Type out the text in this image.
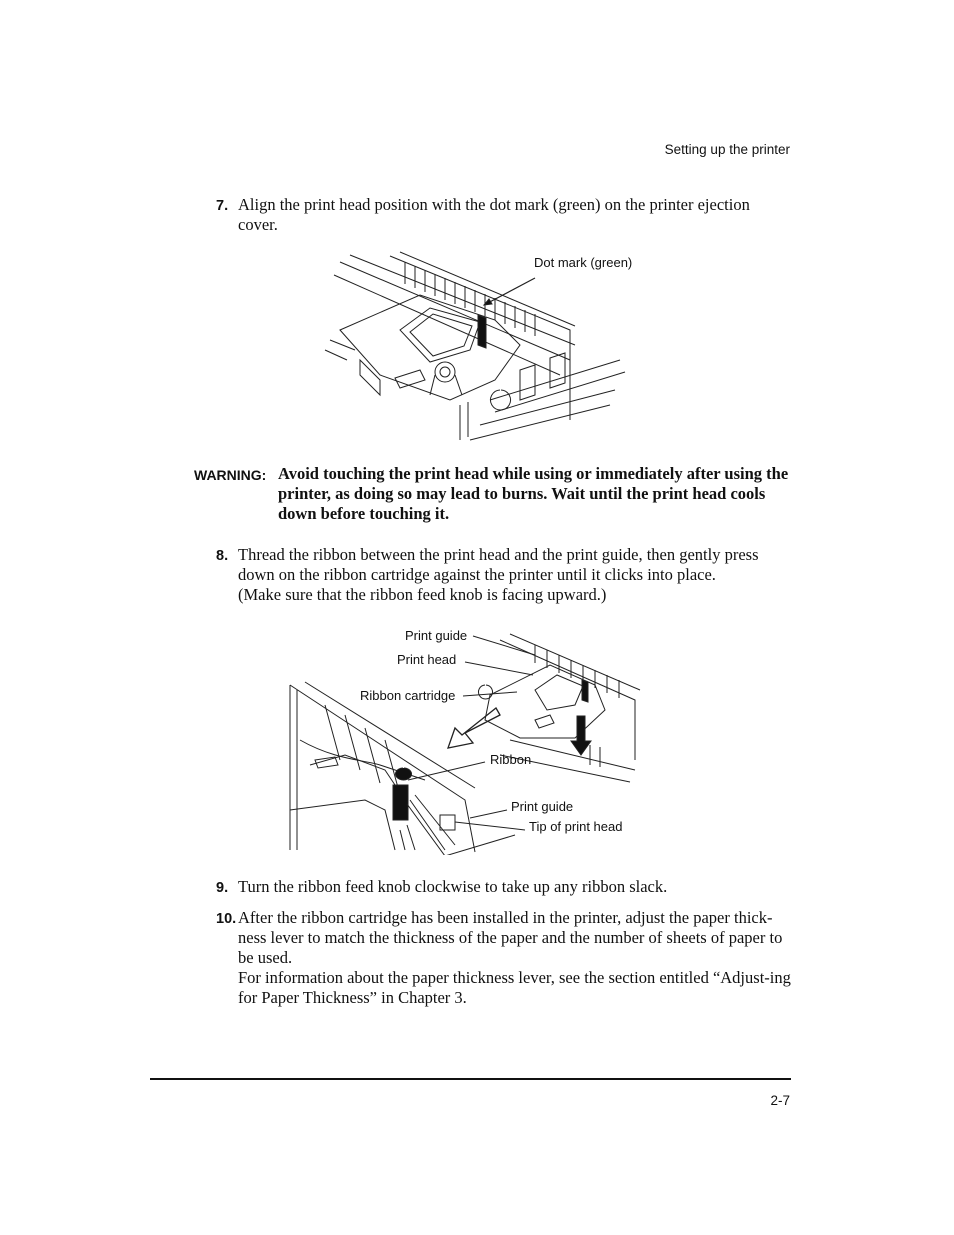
Setting up the printer
7. Align the print head position with the dot mark (green) on the printer ejection cover.

Dot mark (green)
WARNING: Avoid touching the print head while using or immediately after using the printer, as doing so may lead to burns. Wait until the print head cools down before touching it.
8. Thread the ribbon between the print head and the print guide, then gently press down on the ribbon cartridge against the printer until it clicks into place.

(Make sure that the ribbon feed knob is facing upward.)

Print guide
Print head
Ribbon cartridge
Ribbon
Print guide
Tip of print head
9. Turn the ribbon feed knob clockwise to take up any ribbon slack.

10. After the ribbon cartridge has been installed in the printer, adjust the paper thick-ness lever to match the thickness of the paper and the number of sheets of paper to be used.

For information about the paper thickness lever, see the section entitled “Adjust-ing for Paper Thickness” in Chapter 3.

2-7
